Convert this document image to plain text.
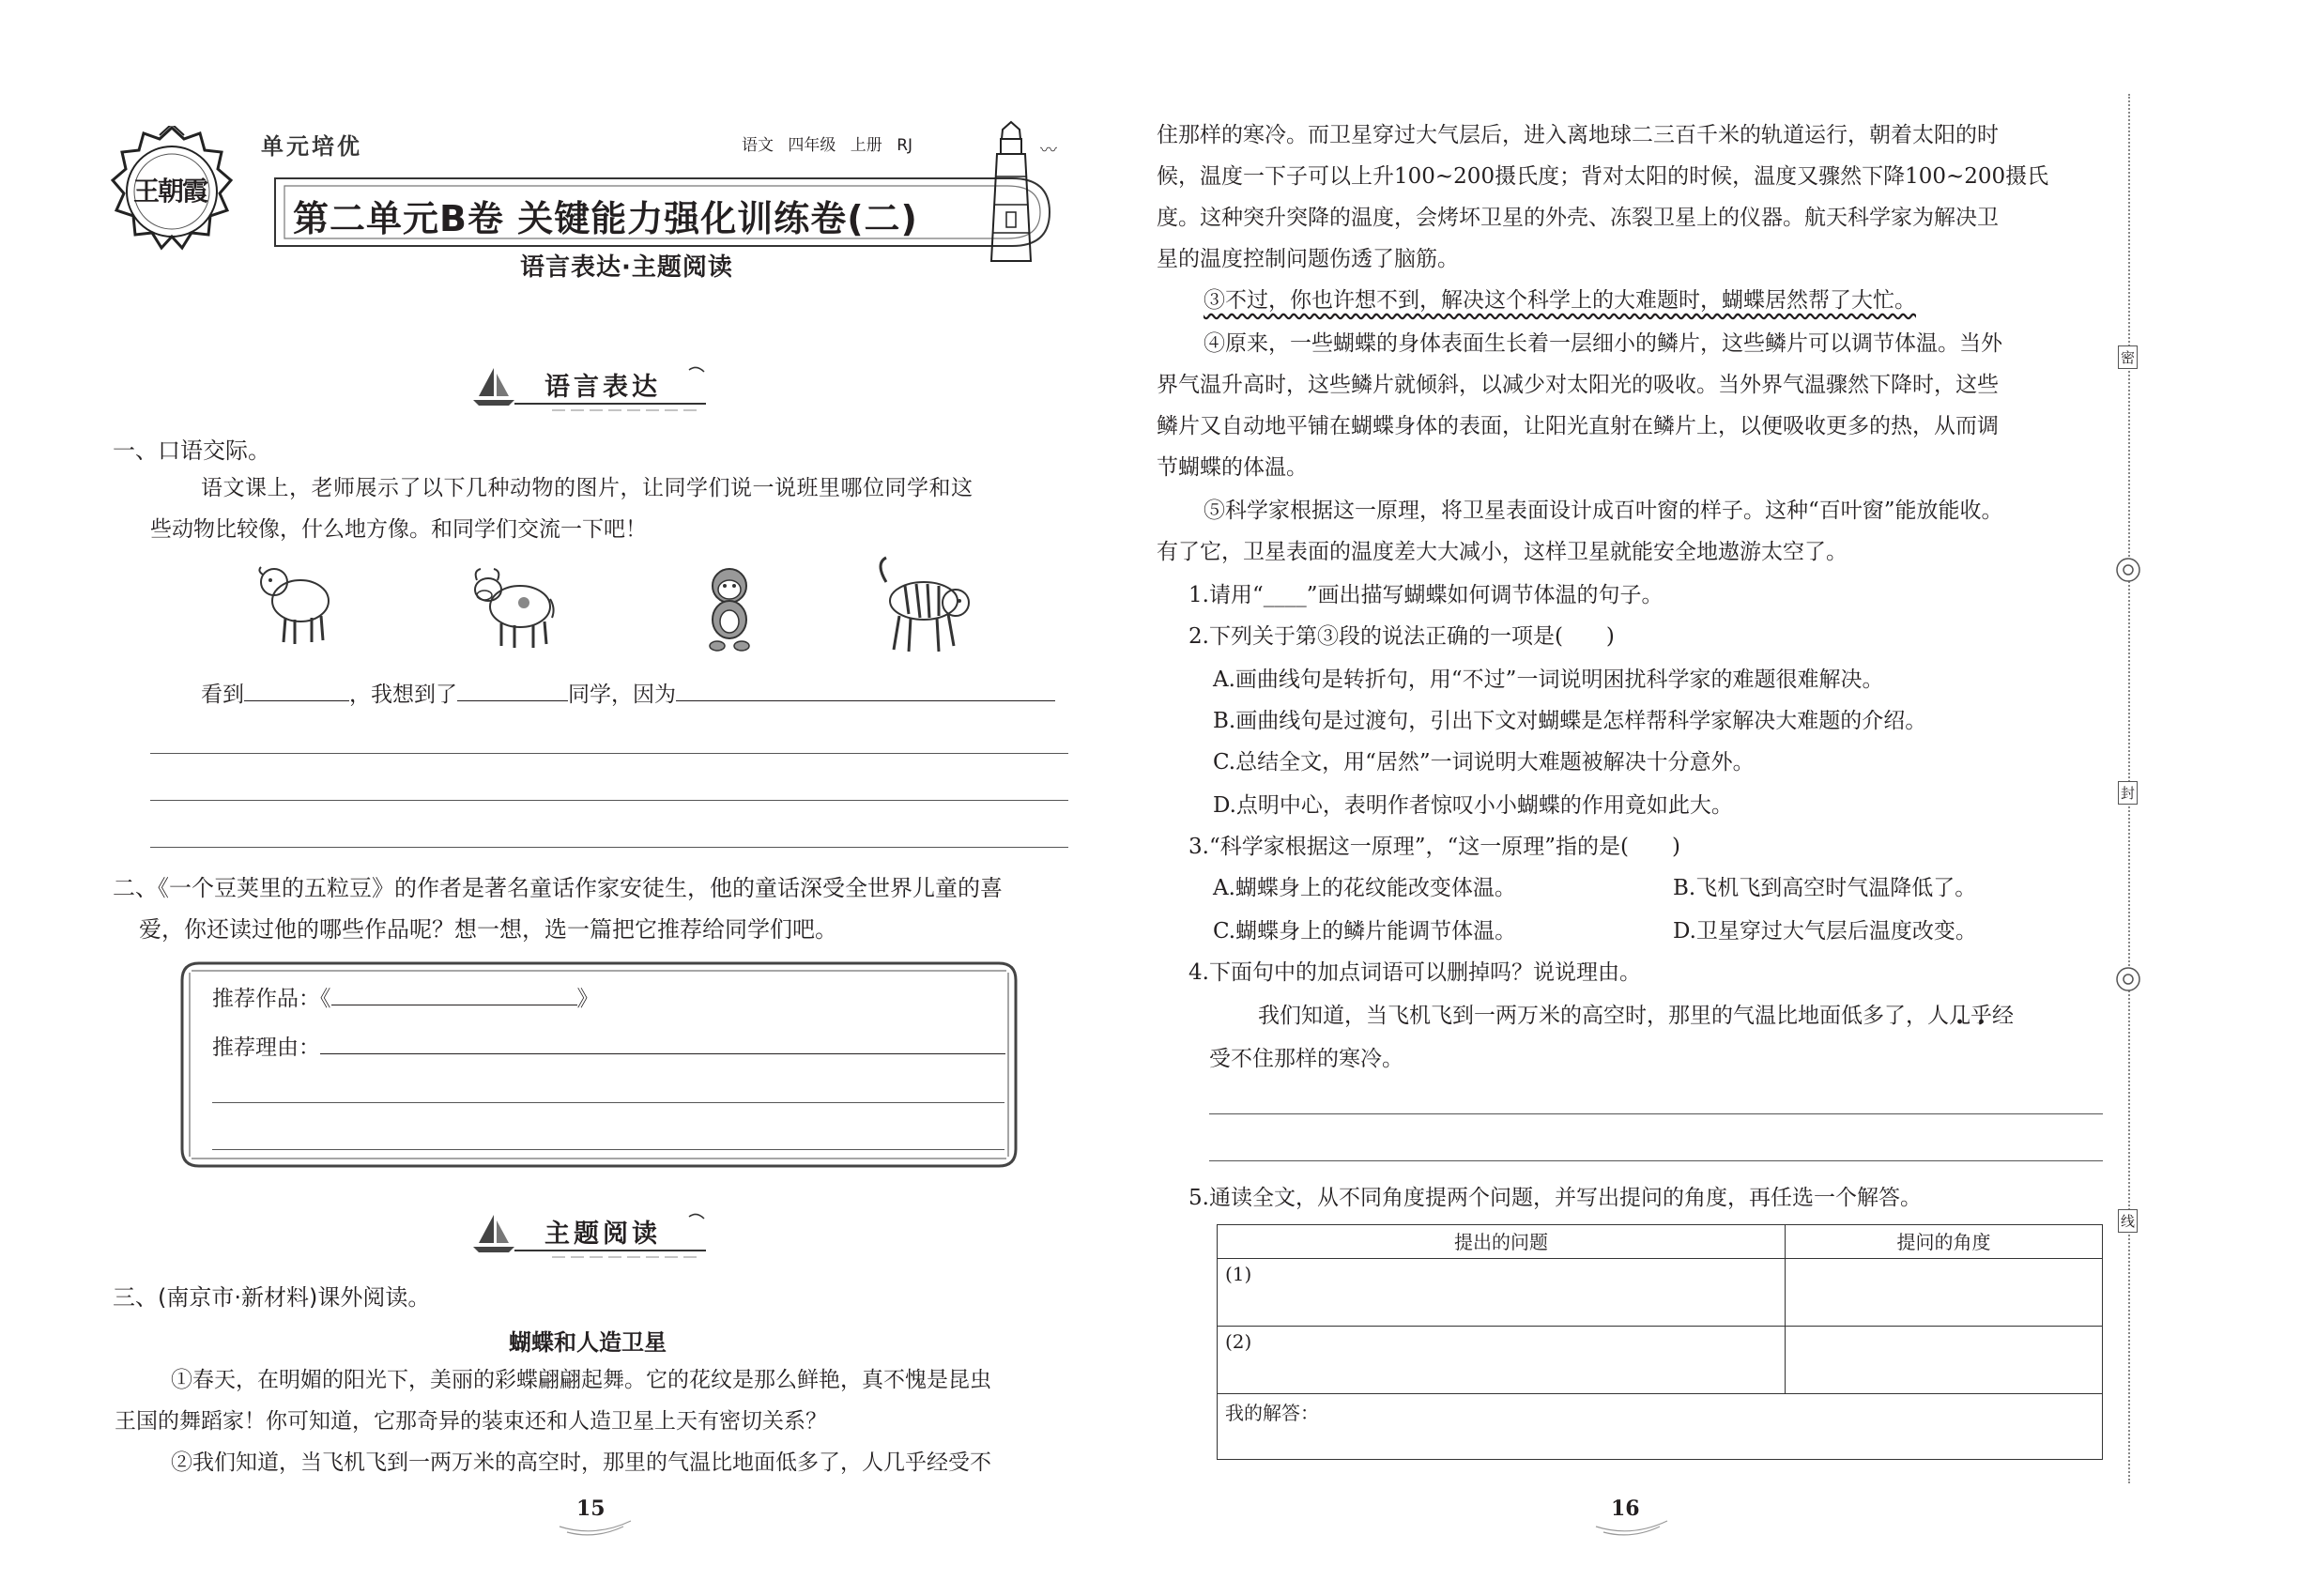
王朝霞
单元培优	语文 四年级 上册 RJ
第二单元B卷 关键能力强化训练卷(二)
〰
语言表达·主题阅读
语言表达
一、口语交际。
语文课上，老师展示了以下几种动物的图片，让同学们说一说班里哪位同学和这
些动物比较像，什么地方像。和同学们交流一下吧！
看到	，我想到了	同学，因为
二、《一个豆荚里的五粒豆》的作者是著名童话作家安徒生，他的童话深受全世界儿童的喜
爱，你还读过他的哪些作品呢？想一想，选一篇把它推荐给同学们吧。
推荐作品：《	》
推荐理由：
主题阅读
三、(南京市·新材料)课外阅读。
蝴蝶和人造卫星
①春天，在明媚的阳光下，美丽的彩蝶翩翩起舞。它的花纹是那么鲜艳，真不愧是昆虫
王国的舞蹈家！你可知道，它那奇异的装束还和人造卫星上天有密切关系？
②我们知道，当飞机飞到一两万米的高空时，那里的气温比地面低多了，人几乎经受不
15
住那样的寒冷。而卫星穿过大气层后，进入离地球二三百千米的轨道运行，朝着太阳的时
候，温度一下子可以上升100~200摄氏度；背对太阳的时候，温度又骤然下降100~200摄氏
度。这种突升突降的温度，会烤坏卫星的外壳、冻裂卫星上的仪器。航天科学家为解决卫
星的温度控制问题伤透了脑筋。
③不过，你也许想不到，解决这个科学上的大难题时，蝴蝶居然帮了大忙。
④原来，一些蝴蝶的身体表面生长着一层细小的鳞片，这些鳞片可以调节体温。当外
界气温升高时，这些鳞片就倾斜，以减少对太阳光的吸收。当外界气温骤然下降时，这些
鳞片又自动地平铺在蝴蝶身体的表面，让阳光直射在鳞片上，以便吸收更多的热，从而调
节蝴蝶的体温。
⑤科学家根据这一原理，将卫星表面设计成百叶窗的样子。这种“百叶窗”能放能收。
有了它，卫星表面的温度差大大减小，这样卫星就能安全地遨游太空了。
1.请用“____”画出描写蝴蝶如何调节体温的句子。
2.下列关于第③段的说法正确的一项是(　　)
A.画曲线句是转折句，用“不过”一词说明困扰科学家的难题很难解决。
B.画曲线句是过渡句，引出下文对蝴蝶是怎样帮科学家解决大难题的介绍。
C.总结全文，用“居然”一词说明大难题被解决十分意外。
D.点明中心，表明作者惊叹小小蝴蝶的作用竟如此大。
3.“科学家根据这一原理”，“这一原理”指的是(　　)
A.蝴蝶身上的花纹能改变体温。	B.飞机飞到高空时气温降低了。
C.蝴蝶身上的鳞片能调节体温。	D.卫星穿过大气层后温度改变。
4.下面句中的加点词语可以删掉吗？说说理由。
我们知道，当飞机飞到一两万米的高空时，那里的气温比地面低多了，人几乎经
受不住那样的寒冷。
5.通读全文，从不同角度提两个问题，并写出提问的角度，再任选一个解答。
提出的问题	提问的角度
(1)	
(2)	
我的解答：	
16
密
封
线
